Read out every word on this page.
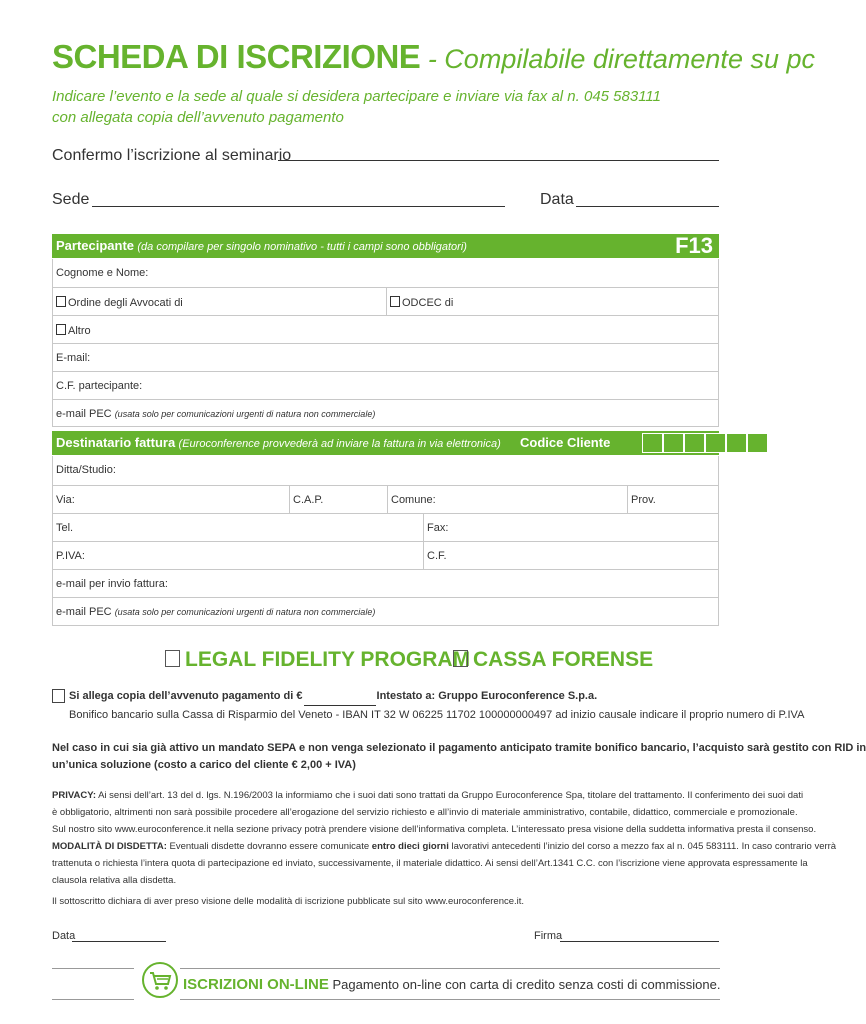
SCHEDA DI ISCRIZIONE - Compilabile direttamente su pc
Indicare l’evento e la sede al quale si desidera partecipare e inviare via fax al n. 045 583111
con allegata copia dell’avvenuto pagamento
Confermo l’iscrizione al seminario
Sede	Data
Partecipante (da compilare per singolo nominativo - tutti i campi sono obbligatori)	F13
Cognome e Nome:
Ordine degli Avvocati di	ODCEC di
Altro
E-mail:
C.F. partecipante:
e-mail PEC (usata solo per comunicazioni urgenti di natura non commerciale)
Destinatario fattura (Euroconference provvederà ad inviare la fattura in via elettronica) Codice Cliente
Ditta/Studio:
Via:	C.A.P.	Comune:	Prov.
Tel.	Fax:
P.IVA:	C.F.
e-mail per invio fattura:
e-mail PEC (usata solo per comunicazioni urgenti di natura non commerciale)
LEGAL FIDELITY PROGRAM CASSA FORENSE
Si allega copia dell’avvenuto pagamento di €	Intestato a: Gruppo Euroconference S.p.a.
Bonifico bancario sulla Cassa di Risparmio del Veneto - IBAN IT 32 W 06225 11702 100000000497 ad inizio causale indicare il proprio numero di P.IVA
Nel caso in cui sia già attivo un mandato SEPA e non venga selezionato il pagamento anticipato tramite bonifico bancario, l’acquisto sarà gestito con RID in
un’unica soluzione (costo a carico del cliente € 2,00 + IVA)
PRIVACY: Ai sensi dell’art. 13 del d. lgs. N.196/2003 la informiamo che i suoi dati sono trattati da Gruppo Euroconference Spa, titolare del trattamento. Il conferimento dei suoi dati
è obbligatorio, altrimenti non sarà possibile procedere all’erogazione del servizio richiesto e all’invio di materiale amministrativo, contabile, didattico, commerciale e promozionale.
Sul nostro sito www.euroconference.it nella sezione privacy potrà prendere visione dell’informativa completa. L’interessato presa visione della suddetta informativa presta il consenso.
MODALITÀ DI DISDETTA: Eventuali disdette dovranno essere comunicate entro dieci giorni lavorativi antecedenti l’inizio del corso a mezzo fax al n. 045 583111. In caso contrario verrà
trattenuta o richiesta l’intera quota di partecipazione ed inviato, successivamente, il materiale didattico. Ai sensi dell’Art.1341 C.C. con l’iscrizione viene approvata espressamente la
clausola relativa alla disdetta.
Il sottoscritto dichiara di aver preso visione delle modalità di iscrizione pubblicate sul sito www.euroconference.it.
Data	Firma
ISCRIZIONI ON-LINE Pagamento on-line con carta di credito senza costi di commissione.
